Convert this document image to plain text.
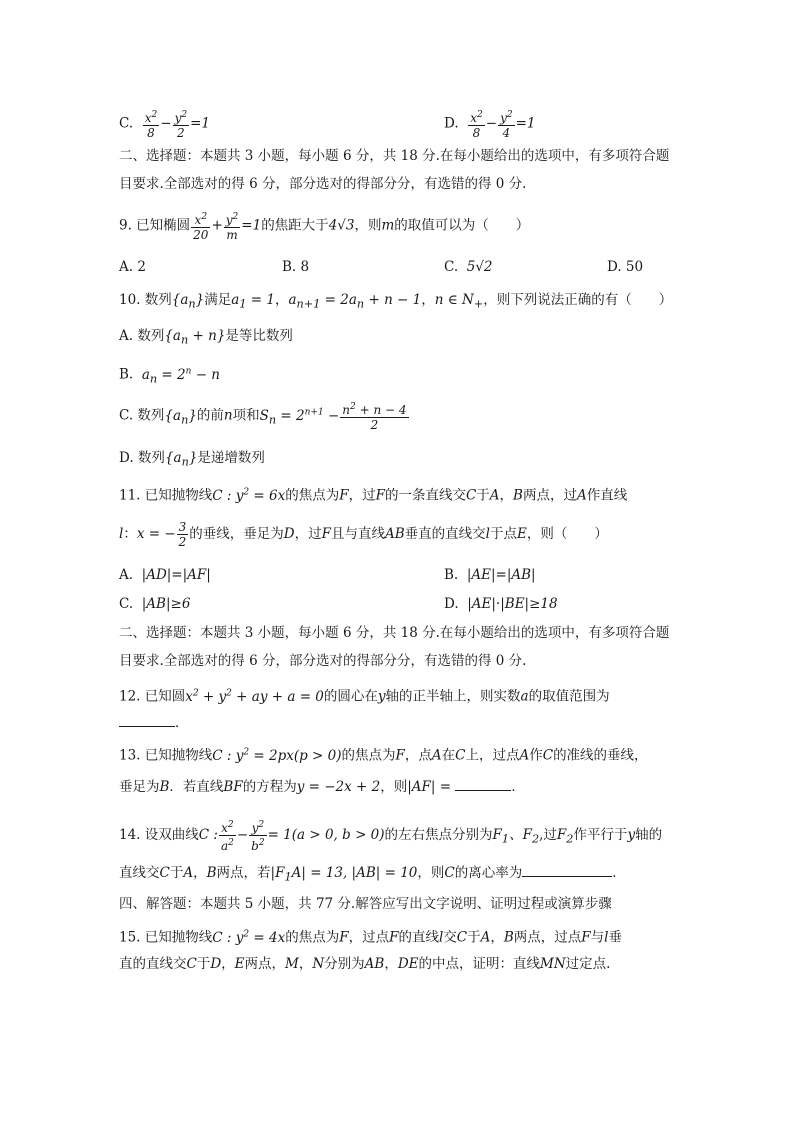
C. $\frac{x^2}{8} - \frac{y^2}{2} =1$	D. $\frac{x^2}{8} - \frac{y^2}{4} =1$
二、选择题：本题共 3 小题，每小题 6 分，共 18 分.在每小题给出的选项中，有多项符合题
目要求.全部选对的得 6 分，部分选对的得部分分，有选错的得 0 分.
9. 已知椭圆 $\frac{x^2}{20} + \frac{y^2}{m} =1$的焦距大于4√3，则m的取值可以为（　　）
A. 2	B. 8	C. 5√2	D. 50
10. 数列$\{a_n\}$满足$a_1 = 1$，$a_{n+1} = 2a_n + n - 1$，n ∈ $N_+$，则下列说法正确的有（　　）
A. 数列$\{a_n + n\}$是等比数列
B. $a_n = 2^n - n$
C. 数列$\{a_n\}$的前n项和$S_n = 2^{n+1} - \frac{n^2 + n - 4}{2}$
D. 数列$\{a_n\}$是递增数列
11. 已知抛物线C : $y^2 = 6x$的焦点为F，过F的一条直线交C于A，B两点，过A作直线
l：x = − $\frac{3}{2}$ 的垂线，垂足为D，过F且与直线AB垂直的直线交l于点E，则（　　）
A. |AD|=|AF|	B. |AE|=|AB|
C. |AB|≥6	D. |AE|·|BE|≥18
二、选择题：本题共 3 小题，每小题 6 分，共 18 分.在每小题给出的选项中，有多项符合题
目要求.全部选对的得 6 分，部分选对的得部分分，有选错的得 0 分.
12. 已知圆$x^2 + y^2$ + ay + a = 0的圆心在y轴的正半轴上，则实数a的取值范围为
．
13. 已知抛物线C : $y^2 = 2px(p > 0)$的焦点为F，点A在C上，过点A作C的准线的垂线，
垂足为B．若直线BF的方程为y = −2x + 2，则|AF| =	．
14. 设双曲线C : $\frac{x^2}{a^2} - \frac{y^2}{b^2} = 1(a > 0$, b > 0)的左右焦点分别为$F_1$、$F_2$,过$F_2$作平行于y轴的
直线交C于A，B两点，若$|F_1A| = 13$, |AB| = 10，则C的离心率为	．
四、解答题：本题共 5 小题，共 77 分.解答应写出文字说明、证明过程或演算步骤
15. 已知抛物线C : $y^2 = 4x$的焦点为F，过点F的直线l交C于A，B两点，过点F与l垂
直的直线交C于D，E两点，M，N分别为AB，DE的中点，证明：直线MN过定点.
